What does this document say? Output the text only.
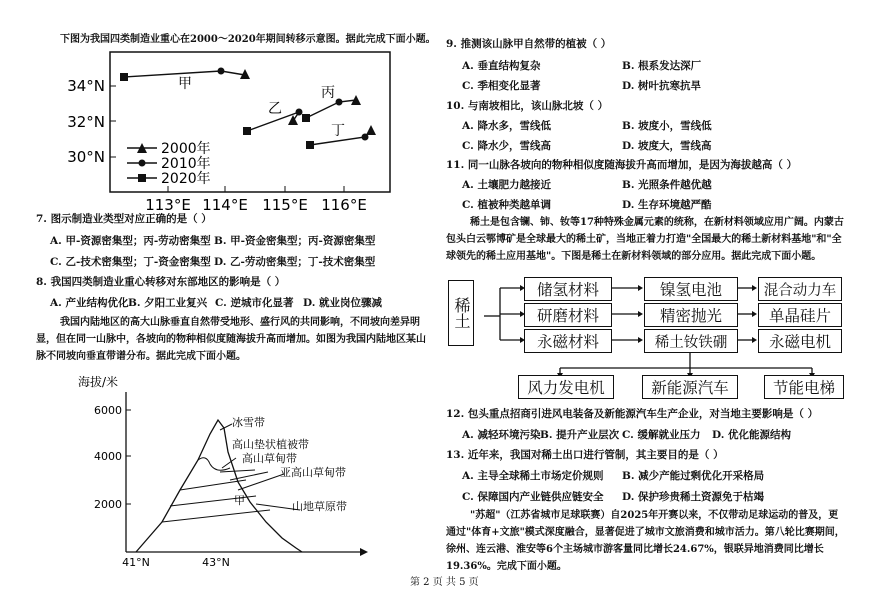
下图为我国四类制造业重心在2000～2020年期间转移示意图。据此完成下面小题。
34°N
32°N
30°N
113°E 114°E 115°E 116°E
甲
乙
丙
丁
2000年
2010年
2020年
7. 图示制造业类型对应正确的是（ ）
A. 甲-资源密集型；丙-劳动密集型 B. 甲-资金密集型；丙-资源密集型
C. 乙-技术密集型；丁-资金密集型 D. 乙-劳动密集型；丁-技术密集型
8. 我国四类制造业重心转移对东部地区的影响是（ ）
A. 产业结构优化 B. 夕阳工业复兴 C. 逆城市化显著 D. 就业岗位骤减
我国内陆地区的高大山脉垂直自然带受地形、盛行风的共同影响，不同坡向差异明显，但在同一山脉中，各坡向的物种相似度随海拔升高而增加。如图为我国内陆地区某山脉不同坡向垂直带谱分布。据此完成下面小题。
海拔/米
6000
4000
2000
41°N	43°N
甲
冰雪带
高山垫状植被带
高山草甸带
亚高山草甸带
山地草原带
9. 推测该山脉甲自然带的植被（ ）
A. 垂直结构复杂	B. 根系发达深厂
C. 季相变化显著	D. 树叶抗寒抗旱
10. 与南坡相比，该山脉北坡（ ）
A. 降水多，雪线低	B. 坡度小，雪线低
C. 降水少，雪线高	D. 坡度大，雪线高
11. 同一山脉各坡向的物种相似度随海拔升高而增加，是因为海拔越高（ ）
A. 土壤肥力越接近	B. 光照条件越优越
C. 植被种类越单调	D. 生存环境越严酷
稀土是包含镧、铈、钕等17种特殊金属元素的统称，在新材料领域应用广阔。内蒙古包头白云鄂博矿是全球最大的稀土矿，当地正着力打造"全国最大的稀土新材料基地"和"全球领先的稀土应用基地"。下图是稀土在新材料领域的部分应用。据此完成下面小题。
稀土
储氢材料
研磨材料
永磁材料
镍氢电池
精密抛光
稀土钕铁硼
混合动力车
单晶硅片
永磁电机
风力发电机	新能源汽车	节能电梯
12. 包头重点招商引进风电装备及新能源汽车生产企业，对当地主要影响是（ ）
A. 减轻环境污染 B. 提升产业层次 C. 缓解就业压力 D. 优化能源结构
13. 近年来，我国对稀土出口进行管制，其主要目的是（ ）
A. 主导全球稀土市场定价规则 B. 减少产能过剩优化开采格局
C. 保障国内产业链供应链安全 D. 保护珍贵稀土资源免于枯竭
"苏超"（江苏省城市足球联赛）自2025年开赛以来，不仅带动足球运动的普及，更通过"体育+文旅"模式深度融合，显著促进了城市文旅消费和城市活力。第八轮比赛期间，徐州、连云港、淮安等6个主场城市游客量同比增长24.67%，银联异地消费同比增长19.36%。完成下面小题。
第 2 页 共 5 页
